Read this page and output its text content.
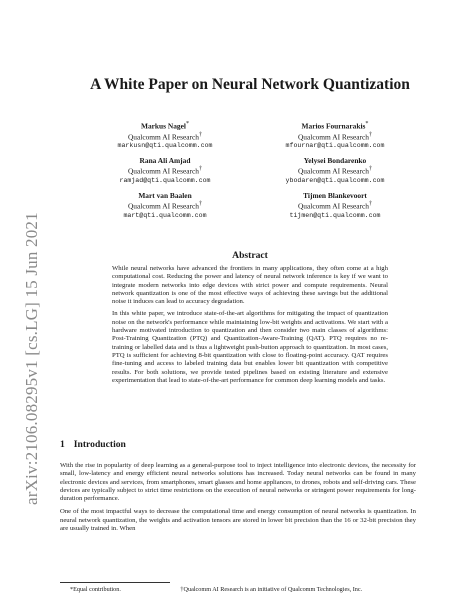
arXiv:2106.08295v1 [cs.LG] 15 Jun 2021
A White Paper on Neural Network Quantization
Markus Nagel*
Qualcomm AI Research†
markusn@qti.qualcomm.com
Marios Fournarakis*
Qualcomm AI Research†
mfournar@qti.qualcomm.com
Rana Ali Amjad
Qualcomm AI Research†
ramjad@qti.qualcomm.com
Yelysei Bondarenko
Qualcomm AI Research†
ybodaren@qti.qualcomm.com
Mart van Baalen
Qualcomm AI Research†
mart@qti.qualcomm.com
Tijmen Blankevoort
Qualcomm AI Research†
tijmen@qti.qualcomm.com
Abstract

While neural networks have advanced the frontiers in many applications, they often come at a high computational cost. Reducing the power and latency of neural network inference is key if we want to integrate modern networks into edge devices with strict power and compute requirements. Neural network quantization is one of the most effective ways of achieving these savings but the additional noise it induces can lead to accuracy degradation.

In this white paper, we introduce state-of-the-art algorithms for mitigating the impact of quantization noise on the network's performance while maintaining low-bit weights and activations. We start with a hardware motivated introduction to quantization and then consider two main classes of algorithms: Post-Training Quantization (PTQ) and Quantization-Aware-Training (QAT). PTQ requires no re-training or labelled data and is thus a lightweight push-button approach to quantization. In most cases, PTQ is sufficient for achieving 8-bit quantization with close to floating-point accuracy. QAT requires fine-tuning and access to labeled training data but enables lower bit quantization with competitive results. For both solutions, we provide tested pipelines based on existing literature and extensive experimentation that lead to state-of-the-art performance for common deep learning models and tasks.

1 Introduction

With the rise in popularity of deep learning as a general-purpose tool to inject intelligence into electronic devices, the necessity for small, low-latency and energy efficient neural networks solutions has increased. Today neural networks can be found in many electronic devices and services, from smartphones, smart glasses and home appliances, to drones, robots and self-driving cars. These devices are typically subject to strict time restrictions on the execution of neural networks or stringent power requirements for long-duration performance.

One of the most impactful ways to decrease the computational time and energy consumption of neural networks is quantization. In neural network quantization, the weights and activation tensors are stored in lower bit precision than the 16 or 32-bit precision they are usually trained in. When

*Equal contribution.	†Qualcomm AI Research is an initiative of Qualcomm Technologies, Inc.
